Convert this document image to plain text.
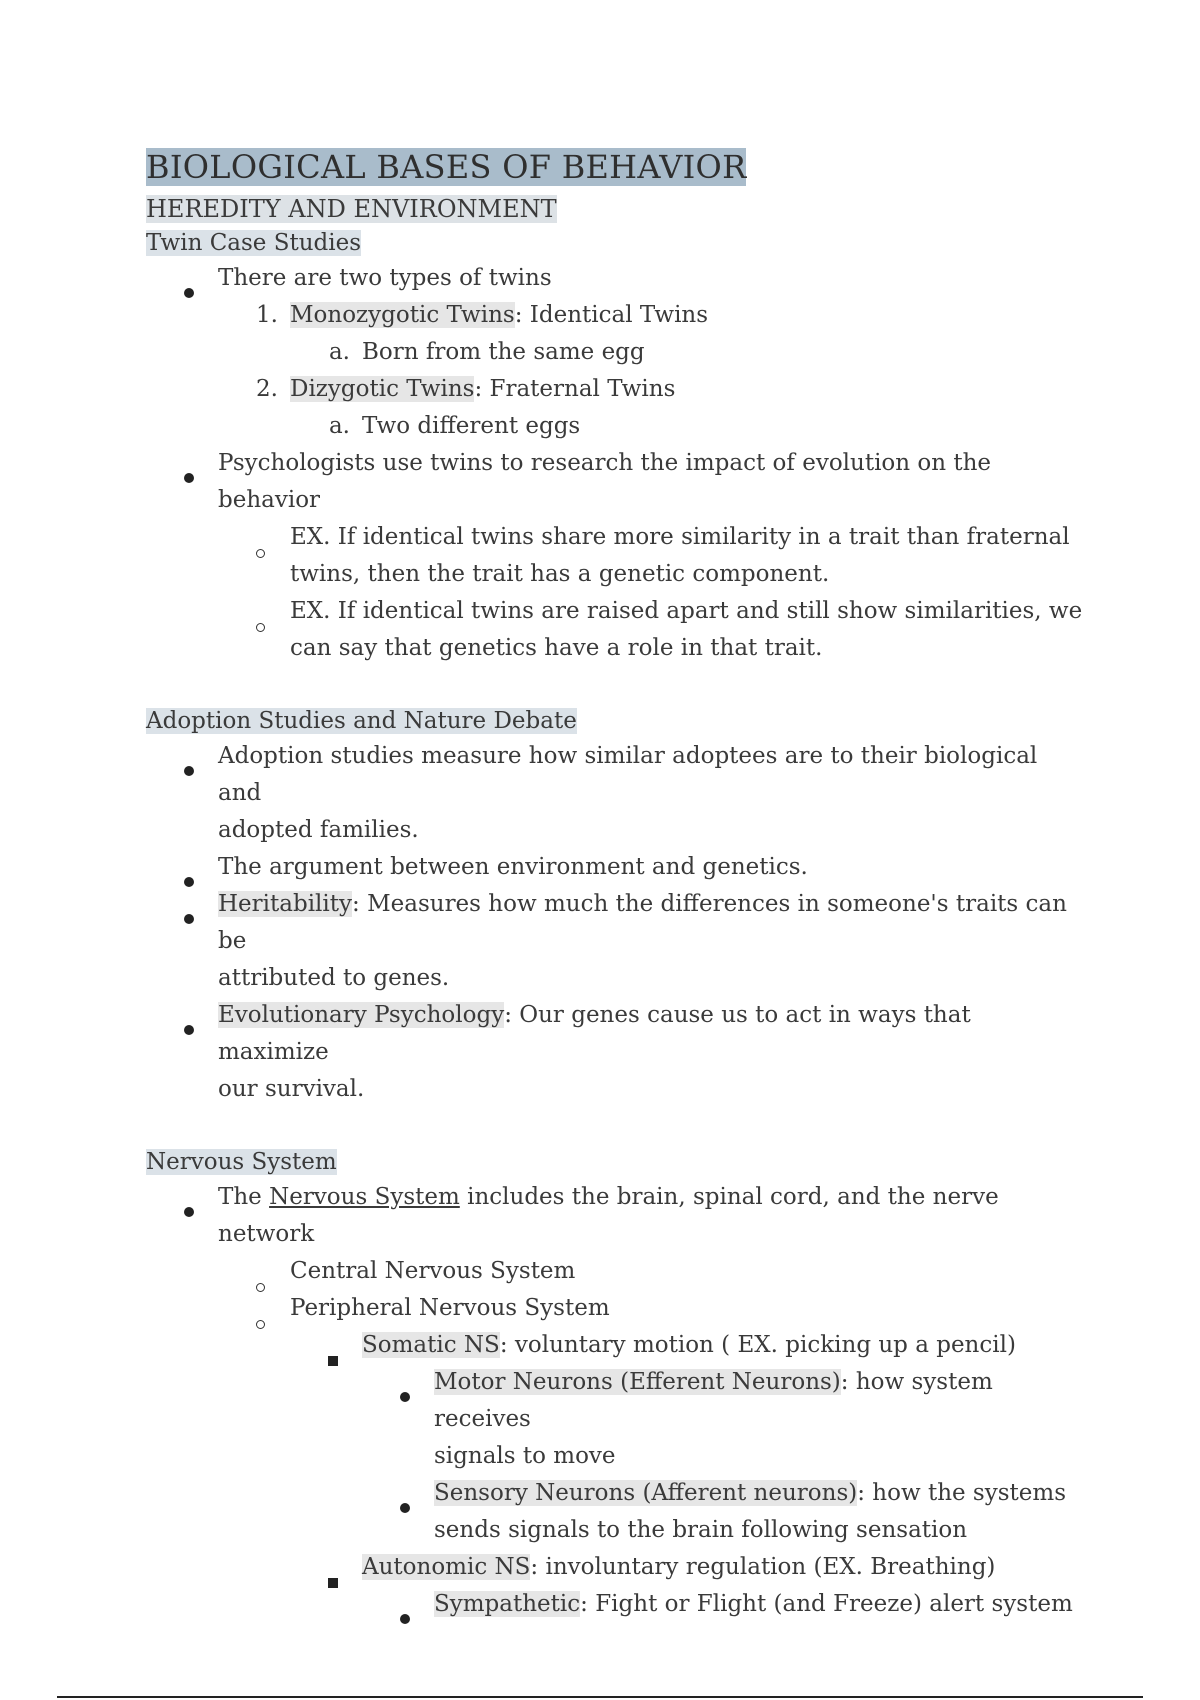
BIOLOGICAL BASES OF BEHAVIOR
HEREDITY AND ENVIRONMENT
Twin Case Studies
There are two types of twins
1. Monozygotic Twins: Identical Twins
a. Born from the same egg
2. Dizygotic Twins: Fraternal Twins
a. Two different eggs
Psychologists use twins to research the impact of evolution on the behavior
EX. If identical twins share more similarity in a trait than fraternal
twins, then the trait has a genetic component.
EX. If identical twins are raised apart and still show similarities, we
can say that genetics have a role in that trait.
Adoption Studies and Nature Debate
Adoption studies measure how similar adoptees are to their biological and
adopted families.
The argument between environment and genetics.
Heritability: Measures how much the differences in someone's traits can be
attributed to genes.
Evolutionary Psychology: Our genes cause us to act in ways that maximize
our survival.
Nervous System
The Nervous System includes the brain, spinal cord, and the nerve network
Central Nervous System
Peripheral Nervous System
Somatic NS: voluntary motion ( EX. picking up a pencil)
Motor Neurons (Efferent Neurons): how system receives
signals to move
Sensory Neurons (Afferent neurons): how the systems
sends signals to the brain following sensation
Autonomic NS: involuntary regulation (EX. Breathing)
Sympathetic: Fight or Flight (and Freeze) alert system
